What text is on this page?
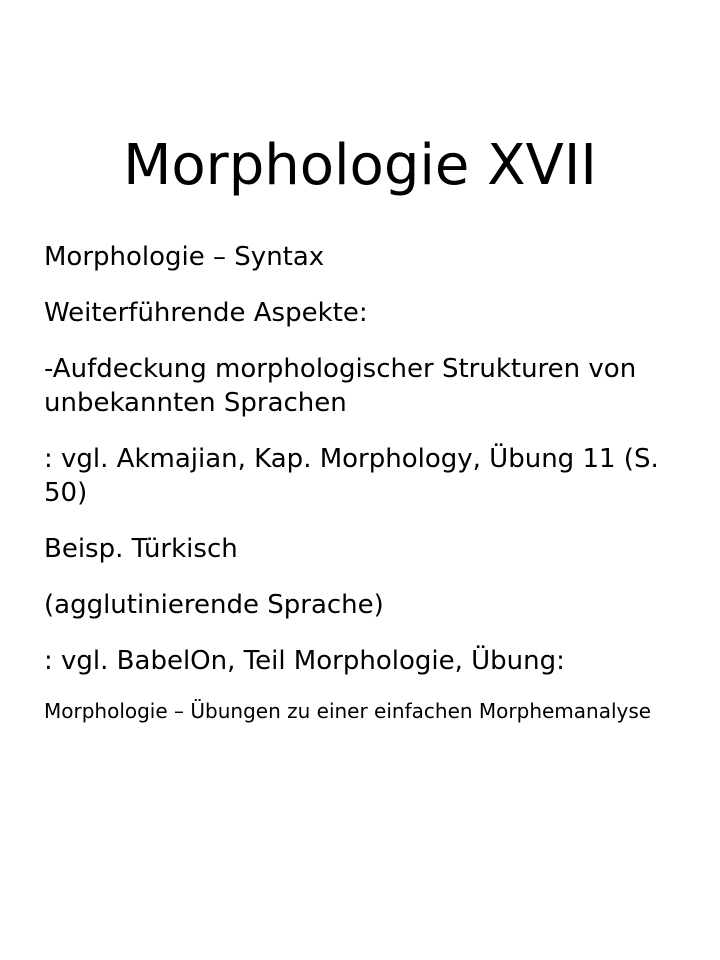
Morphologie XVII

Morphologie – Syntax

Weiterführende Aspekte:

-Aufdeckung morphologischer Strukturen von unbekannten Sprachen

: vgl. Akmajian, Kap. Morphology, Übung 11 (S. 50)

Beisp. Türkisch

(agglutinierende Sprache)

: vgl. BabelOn, Teil Morphologie, Übung:

Morphologie – Übungen zu einer einfachen Morphemanalyse
